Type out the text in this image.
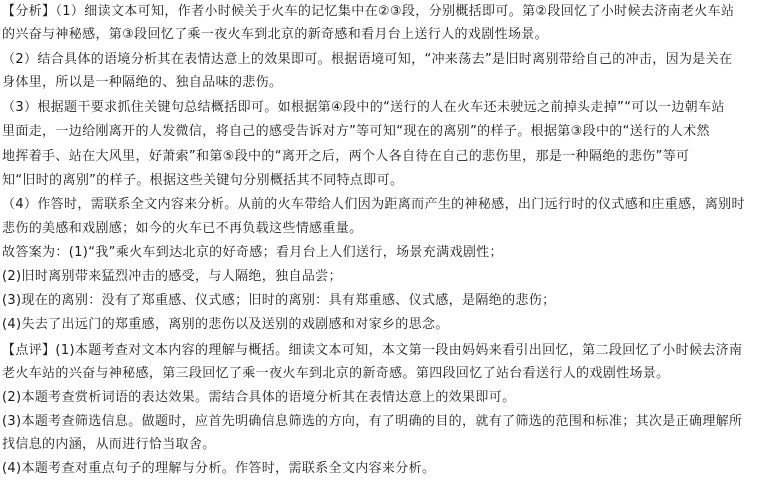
【分析】（1）细读文本可知，作者小时候关于火车的记忆集中在②③段，分别概括即可。第②段回忆了小时候去济南老火车站
的兴奋与神秘感，第③段回忆了乘一夜火车到北京的新奇感和看月台上送行人的戏剧性场景。
（2）结合具体的语境分析其在表情达意上的效果即可。根据语境可知，“冲来荡去”是旧时离别带给自己的冲击，因为是关在
身体里，所以是一种隔绝的、独自品味的悲伤。
（3）根据题干要求抓住关键句总结概括即可。如根据第④段中的“送行的人在火车还未驶远之前掉头走掉”“可以一边朝车站
里面走，一边给刚离开的人发微信，将自己的感受告诉对方”等可知“现在的离别”的样子。根据第③段中的“送行的人术然
地挥着手、站在大风里，好萧索”和第⑤段中的“离开之后，两个人各自待在自己的悲伤里，那是一种隔绝的悲伤”等可
知“旧时的离别”的样子。根据这些关键句分别概括其不同特点即可。
（4）作答时，需联系全文内容来分析。从前的火车带给人们因为距离而产生的神秘感，出门远行时的仪式感和庄重感，离别时
悲伤的美感和戏剧感；如今的火车已不再负载这些情感重量。
故答案为：(1)“我”乘火车到达北京的好奇感；看月台上人们送行，场景充满戏剧性；
(2)旧时离别带来猛烈冲击的感受，与人隔绝，独自品尝；
(3)现在的离别：没有了郑重感、仪式感；旧时的离别：具有郑重感、仪式感，是隔绝的悲伤；
(4)失去了出远门的郑重感，离别的悲伤以及送别的戏剧感和对家乡的思念。
【点评】(1)本题考查对文本内容的理解与概括。细读文本可知，本文第一段由妈妈来看引出回忆，第二段回忆了小时候去济南
老火车站的兴奋与神秘感，第三段回忆了乘一夜火车到北京的新奇感。第四段回忆了站台看送行人的戏剧性场景。
(2)本题考查赏析词语的表达效果。需结合具体的语境分析其在表情达意上的效果即可。
(3)本题考查筛选信息。做题时，应首先明确信息筛选的方向，有了明确的目的，就有了筛选的范围和标准；其次是正确理解所
找信息的内涵，从而进行恰当取舍。
(4)本题考查对重点句子的理解与分析。作答时，需联系全文内容来分析。
